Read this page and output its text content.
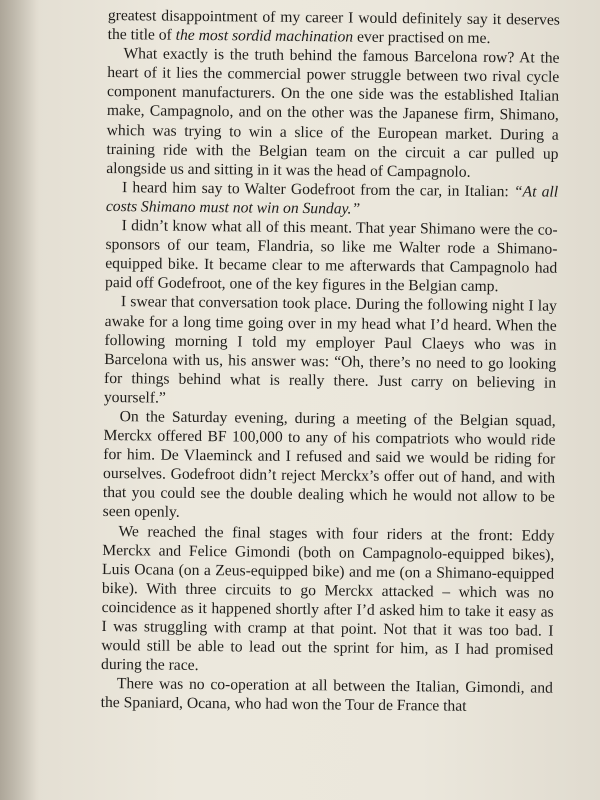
greatest disappointment of my career I would definitely say it deserves the title of the most sordid machination ever practised on me.

What exactly is the truth behind the famous Barcelona row? At the heart of it lies the commercial power struggle between two rival cycle component manufacturers. On the one side was the established Italian make, Campagnolo, and on the other was the Japanese firm, Shimano, which was trying to win a slice of the European market. During a training ride with the Belgian team on the circuit a car pulled up alongside us and sitting in it was the head of Campagnolo.

I heard him say to Walter Godefroot from the car, in Italian: “At all costs Shimano must not win on Sunday.”

I didn’t know what all of this meant. That year Shimano were the co-sponsors of our team, Flandria, so like me Walter rode a Shimano-equipped bike. It became clear to me afterwards that Campagnolo had paid off Godefroot, one of the key figures in the Belgian camp.

I swear that conversation took place. During the following night I lay awake for a long time going over in my head what I’d heard. When the following morning I told my employer Paul Claeys who was in Barcelona with us, his answer was: “Oh, there’s no need to go looking for things behind what is really there. Just carry on believing in yourself.”

On the Saturday evening, during a meeting of the Belgian squad, Merckx offered BF 100,000 to any of his compatriots who would ride for him. De Vlaeminck and I refused and said we would be riding for ourselves. Godefroot didn’t reject Merckx’s offer out of hand, and with that you could see the double dealing which he would not allow to be seen openly.

We reached the final stages with four riders at the front: Eddy Merckx and Felice Gimondi (both on Campagnolo-equipped bikes), Luis Ocana (on a Zeus-equipped bike) and me (on a Shimano-equipped bike). With three circuits to go Merckx attacked – which was no coincidence as it happened shortly after I’d asked him to take it easy as I was struggling with cramp at that point. Not that it was too bad. I would still be able to lead out the sprint for him, as I had promised during the race.

There was no co-operation at all between the Italian, Gimondi, and the Spaniard, Ocana, who had won the Tour de France that
